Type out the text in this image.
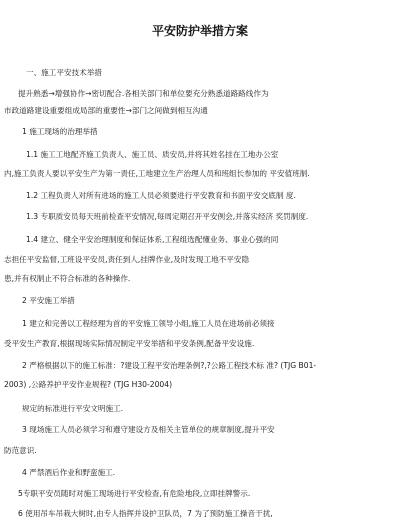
平安防护举措方案
一、施工平安技术举措
提升熟悉→增强协作→密切配合.各相关部门和单位要充分熟悉道路路线作为
市政道路建设重要组成局部的重要性→部门之间做到相互沟通
1 施工现场的治理举措
1.1 施工工地配齐施工负责人、施工员、质安员,并将其姓名挂在工地办公室
内,施工负责人要以平安生产为第一责任,工地建立生产治理人员和班组长参加的 平安值班制.
1.2 工程负责人对所有进场的施工人员必须要进行平安教育和书面平安交底制 度.
1.3 专职质安员每天班前检查平安情况,每周定期召开平安例会,并落实经济 奖罚制度.
1.4 建立、健全平安治理制度和保证体系,工程组选配懂业务、事业心强的同
志担任平安监督,工班设平安员,责任到人,挂牌作业,及时发现工地不平安隐
患,并有权制止不符合标准的各种操作.
2 平安施工举措
1 建立和完善以工程经理为首的平安施工领导小组,施工人员在进场前必须接
受平安生产教育,根据现场实际情况制定平安举措和平安条例,配备平安设施.
2 严格根据以下的施工标准：?建设工程平安治理条例?,?公路工程技术标 准? (TJG B01-
2003) ,公路养护平安作业规程? (TJG H30-2004)
规定的标准进行平安文明施工.
3 现场施工人员必须学习和遵守建设方及相关主管单位的规章制度,提升平安
防范意识.
4 严禁酒后作业和野蛮施工.
5专职平安员随时对施工现场进行平安检查,有危险地段,立即挂牌警示.
6 使用吊车吊栽大树时,由专人指挥并设护卫队员，7 为了预防施工操音干扰,
